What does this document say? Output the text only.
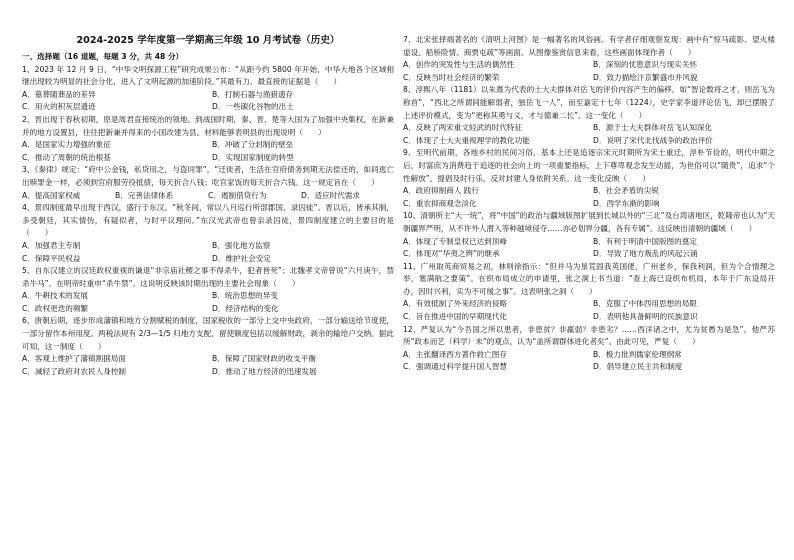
2024-2025 学年度第一学期高三年级 10 月考试卷（历史）
一、选择题（16 道题，每题 3 分，共 48 分）

1、2023 年 12 月 9 日，“中华文明探源工程”研究成果公布：“从距今约 5800 年开始，中华大地各个区域相继出现较为明显的社会分化，进入了文明起源的加速阶段。”其最有力、最直接的证据是（　　）

A．墓葬随葬品的差异	B．打制石器与渔猎遗存
C．用火的积灰层遗迹	D．一些碳化谷物的出土

2、晋出现于春秋初期，原是周君直接统治的领地。到战国时期，秦、晋、楚等大国为了加强中央集权，在新兼并的地方设置县，往往把新兼并得来的小国改建为县。材料能够表明县的出现说明（　　）

A．是国家实力增强的象征	B．冲破了分封制的壁垒
C．推动了周朝的统治根基	D．实现国家制度的转型

3、《秦律》规定：“府中公金钱，私贷用之，与盗同罪”，“迁徙者，生活在官府债务到期无法偿还的，如同逃亡出赎罪金一样，必须到官府服劳役抵债，每天折合八钱；吃官家饭的每天折合六钱。这一规定旨在（　　）

A．提高国家权威	B．完善法律体系	C．遏制借贷行为	D．适应时代需求

4、景四制度最早出现于西汉，盛行于东汉。“秋冬间，常以八月巡行所部郡国，录囚徒”。晋以后，皆承其制，多受朝廷，其实情伪，有疑似者，与时平议理问。”东汉光武帝也曾亲录囚徒，景四制度建立的主要目的是（　　）

A．加强君主专制	B．强化地方监察
C．保障平民权益	D．维护社会安定

5、自东汉建立的汉廷政权重视的谦退“非宗庙社稷之事不得杀牛，犯者皆死”；北魏孝文帝曾说“六月庚午，禁杀牛马”。在明帝时重申“杀牛禁”。这说明反映该时期出现的主要社会现象（　　）

A．牛耕技术的发展	B．统治思想的异变
C．政权更迭的频繁	D．经济结构的变化

6、唐朝后期，逐步形成藩镇和地方分割赋税的制度，国家税收的一部分上交中央政府，一部分输送给节度使，一部分留作本州用度。两税法规有 2/3—1/5 归地方支配，留使额度包括以缓解财政，剥余的输给户交纳。据此可知，这一制度（　　）

A．客观上维护了藩镇割据局面	B．保障了国家财政的收支平衡
C．减轻了政府对农民人身控制	D．推动了地方经济的迅速发展

7、北宋张择端著名的《清明上河图》是一幅著名的风俗画。有学者仔细观察发现：画中有“惊马疏影、望火楼虚设、船桥险情、商贾屯疏”等画面。从图像鉴赏信息来看，这些画面体现作者（　　）

A．创作的突发性与生活的偶然性	B．深刻的忧患意识与现实关怀
C．反映当时社会经济的繁荣	D．致力描绘汴京繁盛市井风貌

8、淳熙八年（1181）以朱熹为代表的士大夫群体对岳飞的评价内容产生的偏移，如“智论数将之才，则岳飞为称首”，“西北之所谓间能解弱者，独岳飞一人”，而至嘉定十七年（1224），史学家李道评论岳飞，却已摆脱了上述评价模式，变为“更称其勇与义，才与德兼二长”。这一变化（　　）

A．反映了两宋重文轻武的时代特征	B．源于士大夫群体对岳飞认知深化
C．体现了士大夫重视理学的教化功能	D．说明了宋代北伐战争的政治评价

9、至明代前期，各地乡村的民间习俗，基本上还是追逐宗宋元时期所为宋士重迁，淳朴节俭的，明代中期之后，时富庶为消费趋于追逐的社会向上的一项重要指标，上下尊卑观念发生动摇，为世俗可以“随贵”，追求“个性解放”，提倡及时行乐，反对封建人身依附关系。这一变化反映（　　）

A．政府抑制商人 践行	B．社会矛盾的尖锐
C．重农抑商观念淡化	D．西学东渐的影响

10、清朝所主“大一统”，将“中国”的政治与疆域版图扩展到长城以外的“三北”及台湾诸地区，乾隆帝也认为“天朝疆界严明，从不许外人潜入等种越境侵夺……亦必划界分疆，各有专属”。这反映出清朝的疆域（　　）

A．体现了专制皇权已达到顶峰	B．有利于明清中国版图的奠定
C．体现对“华夷之辨”的继承	D．导致了地方叛乱的风起云涌

11、广州取英商贸易之初，林则徐指示：“但并马为垦荒固我英国佬，广州老乡，保我利润，但为个合情理之举，塞满航之要策”。在织布局成立的申请里，张之洞上书当道：“查上海已设织布机局，本年于广东设局开办，因时兴利，实为不可缓之事”。这表明张之洞（　　）

A．有效抵制了外来经济的侵略	B．克服了中体西用思想的局限
C．旨在推进中国的早期现代化	D．表明他具备鲜明的民族意识

12、严复认为“今吾国之所以患者，非患贫？非羸弱？非患劣？……西洋诸之中，尤为贫愚为是急”，他严苏所“政本而艺（科学）末”的观点，认为“盖所谓群体进化者矣”。由此可见，严复（　　）

A．主张翻译西方著作救亡图存	B．极力批判儒家伦理纲常
C．强调通过科学提升国人智慧	D．倡导建立民主共和制度
